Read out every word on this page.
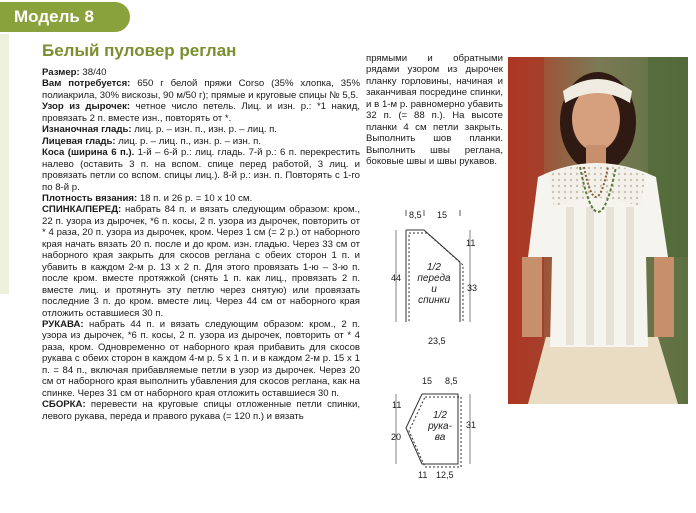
Модель 8
Белый пуловер реглан

Размер: 38/40

Вам потребуется: 650 г белой пряжи Corso (35% хлопка, 35% полиакрила, 30% вискозы, 90 м/50 г); прямые и круговые спицы № 5,5.

Узор из дырочек: четное число петель. Лиц. и изн. р.: *1 накид, провязать 2 п. вместе изн., повторять от *.

Изнаночная гладь: лиц. р. – изн. п., изн. р. – лиц. п.

Лицевая гладь: лиц. р. – лиц. п., изн. р. – изн. п.

Коса (ширина 6 п.). 1-й – 6-й р.: лиц. гладь. 7-й р.: 6 п. перекрестить налево (оставить 3 п. на вспом. спице перед работой, 3 лиц. и провязать петли со вспом. спицы лиц.). 8-й р.: изн. п. Повторять с 1-го по 8-й р.

Плотность вязания: 18 п. и 26 р. = 10 х 10 см.

СПИНКА/ПЕРЕД: набрать 84 п. и вязать следующим образом: кром., 22 п. узора из дырочек, *6 п. косы, 2 п. узора из дырочек, повторить от * 4 раза, 20 п. узора из дырочек, кром. Через 1 см (= 2 р.) от наборного края начать вязать 20 п. после и до кром. изн. гладью. Через 33 см от наборного края закрыть для скосов реглана с обеих сторон 1 п. и убавить в каждом 2-м р. 13 х 2 п. Для этого провязать 1-ю – 3-ю п. после кром. вместе протяжкой (снять 1 п. как лиц., провязать 2 п. вместе лиц. и протянуть эту петлю через снятую) или провязать последние 3 п. до кром. вместе лиц. Через 44 см от наборного края отложить оставшиеся 30 п.

РУКАВА: набрать 44 п. и вязать следующим образом: кром., 2 п. узора из дырочек, *6 п. косы, 2 п. узора из дырочек, повторить от * 4 раза, кром. Одновременно от наборного края прибавить для скосов рукава с обеих сторон в каждом 4-м р. 5 х 1 п. и в каждом 2-м р. 15 х 1 п. = 84 п., включая прибавляемые петли в узор из дырочек. Через 20 см от наборного края выполнить убавления для скосов реглана, как на спинке. Через 31 см от наборного края отложить оставшиеся 30 п.

СБОРКА: перевести на круговые спицы отложенные петли спинки, левого рукава, переда и правого рукава (= 120 п.) и вязать

прямыми и обратными рядами узором из дырочек планку горловины, начиная и заканчивая посредине спинки, и в 1-м р. равномерно убавить 32 п. (= 88 п.). На высоте планки 4 см петли закрыть. Выполнить шов планки. Выполнить швы реглана, боковые швы и швы рукавов.
8,5 15
11
44
33
23,5
1/2
переда
и
спинки
15 8,5
11
20
31
11 12,5
1/2
рука-
ва
